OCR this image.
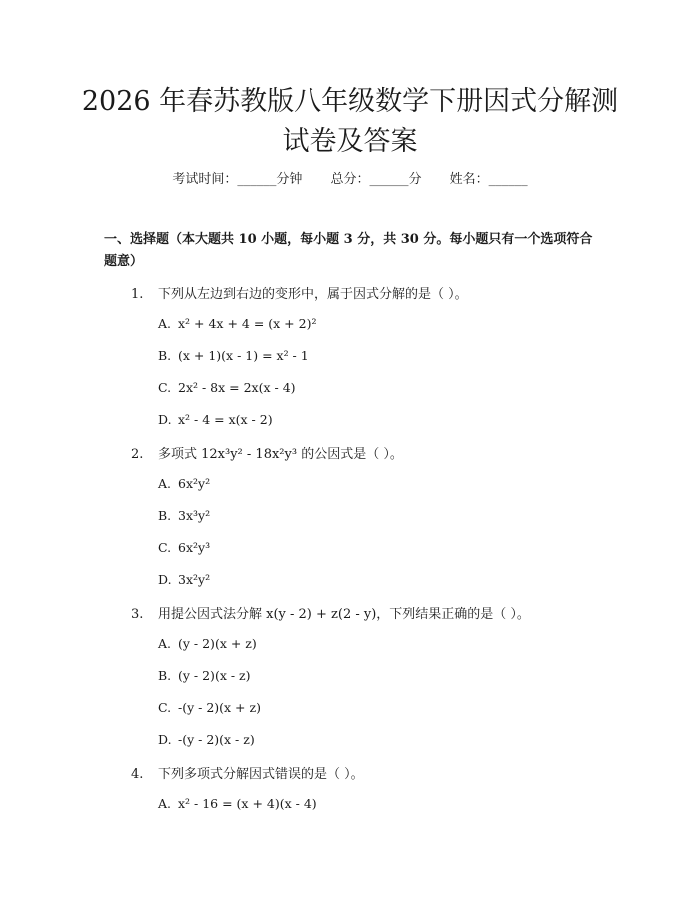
2026 年春苏教版八年级数学下册因式分解测
试卷及答案
考试时间：______分钟 总分：______分 姓名：______

一、选择题（本大题共 10 小题，每小题 3 分，共 30 分。每小题只有一个选项符合题意）

1. 下列从左边到右边的变形中，属于因式分解的是（ ）。
A. x² + 4x + 4 = (x + 2)²
B. (x + 1)(x - 1) = x² - 1
C. 2x² - 8x = 2x(x - 4)
D. x² - 4 = x(x - 2)
2. 多项式 12x³y² - 18x²y³ 的公因式是（ ）。
A. 6x²y²
B. 3x³y²
C. 6x²y³
D. 3x²y²
3. 用提公因式法分解 x(y - 2) + z(2 - y)，下列结果正确的是（ ）。
A. (y - 2)(x + z)
B. (y - 2)(x - z)
C. -(y - 2)(x + z)
D. -(y - 2)(x - z)
4. 下列多项式分解因式错误的是（ ）。
A. x² - 16 = (x + 4)(x - 4)
